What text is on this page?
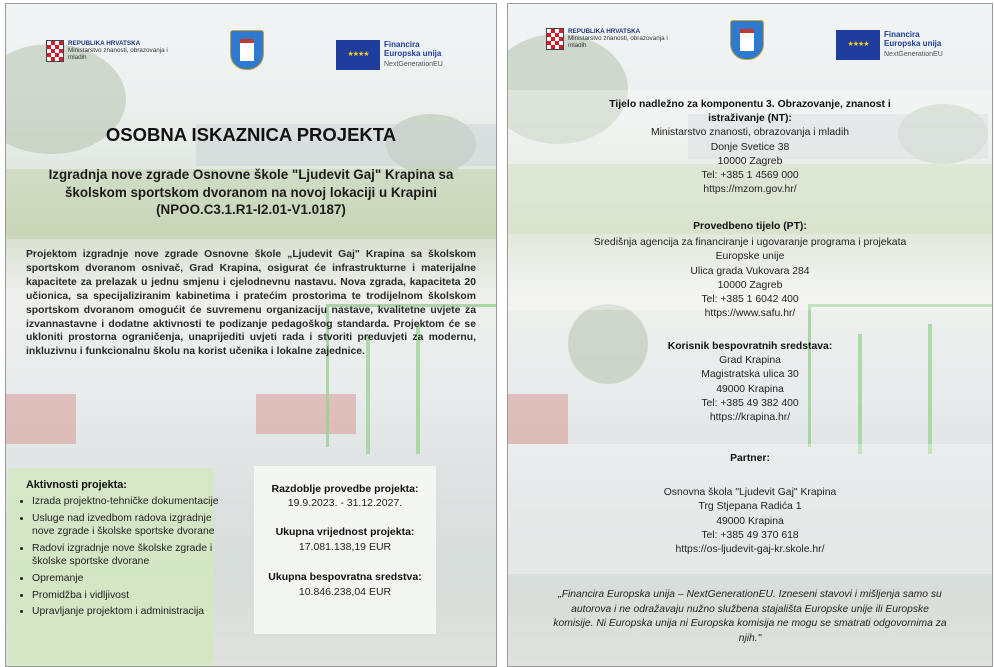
REPUBLIKA HRVATSKA
Ministarstvo znanosti, obrazovanja i mladih	★★★★
Financira
Europska unija
NextGenerationEU
OSOBNA ISKAZNICA PROJEKTA
Izgradnja nove zgrade Osnovne škole "Ljudevit Gaj" Krapina sa školskom sportskom dvoranom na novoj lokaciji u Krapini
(NPOO.C3.1.R1-I2.01-V1.0187)
Projektom izgradnje nove zgrade Osnovne škole „Ljudevit Gaj" Krapina sa školskom sportskom dvoranom osnivač, Grad Krapina, osigurat će infrastrukturne i materijalne kapacitete za prelazak u jednu smjenu i cjelodnevnu nastavu. Nova zgrada, kapaciteta 20 učionica, sa specijaliziranim kabinetima i pratećim prostorima te trodijelnom školskom sportskom dvoranom omogućit će suvremenu organizaciju nastave, kvalitetne uvjete za izvannastavne i dodatne aktivnosti te podizanje pedagoškog standarda. Projektom će se ukloniti prostorna ograničenja, unaprijediti uvjeti rada i stvoriti preduvjeti za modernu, inkluzivnu i funkcionalnu školu na korist učenika i lokalne zajednice.
Aktivnosti projekta:
• Izrada projektno-tehničke dokumentacije
• Usluge nad izvedbom radova izgradnje nove zgrade i školske sportske dvorane
• Radovi izgradnje nove školske zgrade i školske sportske dvorane
• Opremanje
• Promidžba i vidljivost
• Upravljanje projektom i administracija
Razdoblje provedbe projekta:
19.9.2023. - 31.12.2027.
Ukupna vrijednost projekta:
17.081.138,19 EUR
Ukupna bespovratna sredstva:
10.846.238,04 EUR
REPUBLIKA HRVATSKA
Ministarstvo znanosti, obrazovanja i mladih	★★★★
Financira
Europska unija
NextGenerationEU
Tijelo nadležno za komponentu 3. Obrazovanje, znanost i istraživanje (NT):
Ministarstvo znanosti, obrazovanja i mladih
Donje Svetice 38
10000 Zagreb
Tel: +385 1 4569 000
https://mzom.gov.hr/
Provedbeno tijelo (PT):
Središnja agencija za financiranje i ugovaranje programa i projekata Europske unije
Ulica grada Vukovara 284
10000 Zagreb
Tel: +385 1 6042 400
https://www.safu.hr/
Korisnik bespovratnih sredstava:
Grad Krapina
Magistratska ulica 30
49000 Krapina
Tel: +385 49 382 400
https://krapina.hr/
Partner:
Osnovna škola "Ljudevit Gaj" Krapina
Trg Stjepana Radića 1
49000 Krapina
Tel: +385 49 370 618
https://os-ljudevit-gaj-kr.skole.hr/
„Financira Europska unija – NextGenerationEU. Izneseni stavovi i mišljenja samo su autorova i ne odražavaju nužno službena stajališta Europske unije ili Europske komisije. Ni Europska unija ni Europska komisija ne mogu se smatrati odgovornima za njih."
